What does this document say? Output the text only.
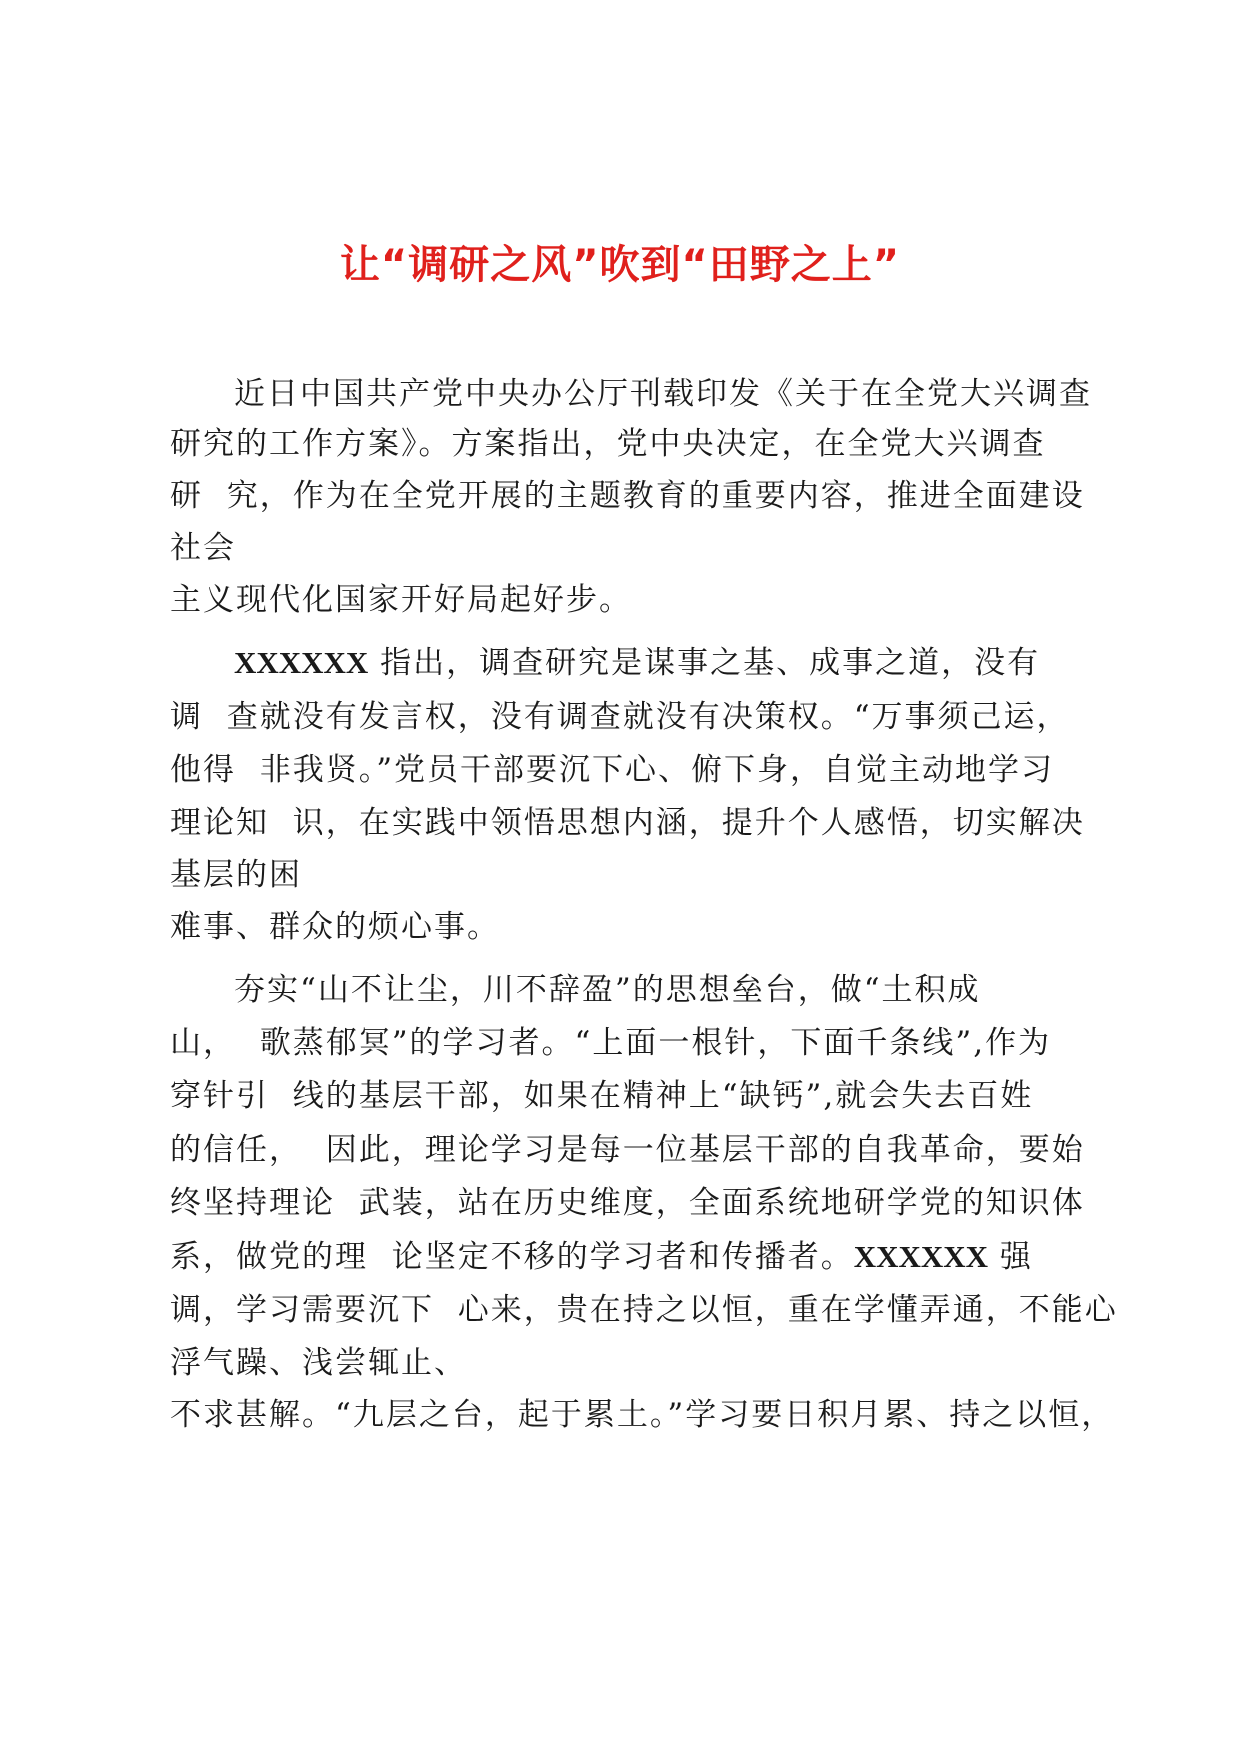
让“调研之风”吹到“田野之上”

近日中国共产党中央办公厅刊载印发《关于在全党大兴调查

研究的工作方案》。方案指出，党中央决定，在全党大兴调查

研  究，作为在全党开展的主题教育的重要内容，推进全面建设

社会

主义现代化国家开好局起好步。

XXXXXX 指出，调查研究是谋事之基、成事之道，没有

调  查就没有发言权，没有调查就没有决策权。“万事须己运，

他得  非我贤。”党员干部要沉下心、俯下身，自觉主动地学习

理论知  识，在实践中领悟思想内涵，提升个人感悟，切实解决

基层的困

难事、群众的烦心事。

夯实“山不让尘，川不辞盈”的思想垒台，做“土积成

山，  歌蒸郁冥”的学习者。“上面一根针，下面千条线”,作为

穿针引  线的基层干部，如果在精神上“缺钙”,就会失去百姓

的信任，  因此，理论学习是每一位基层干部的自我革命，要始

终坚持理论  武装，站在历史维度，全面系统地研学党的知识体

系，做党的理  论坚定不移的学习者和传播者。XXXXXX 强

调，学习需要沉下  心来，贵在持之以恒，重在学懂弄通，不能心

浮气躁、浅尝辄止、

不求甚解。“九层之台，起于累土。”学习要日积月累、持之以恒，
